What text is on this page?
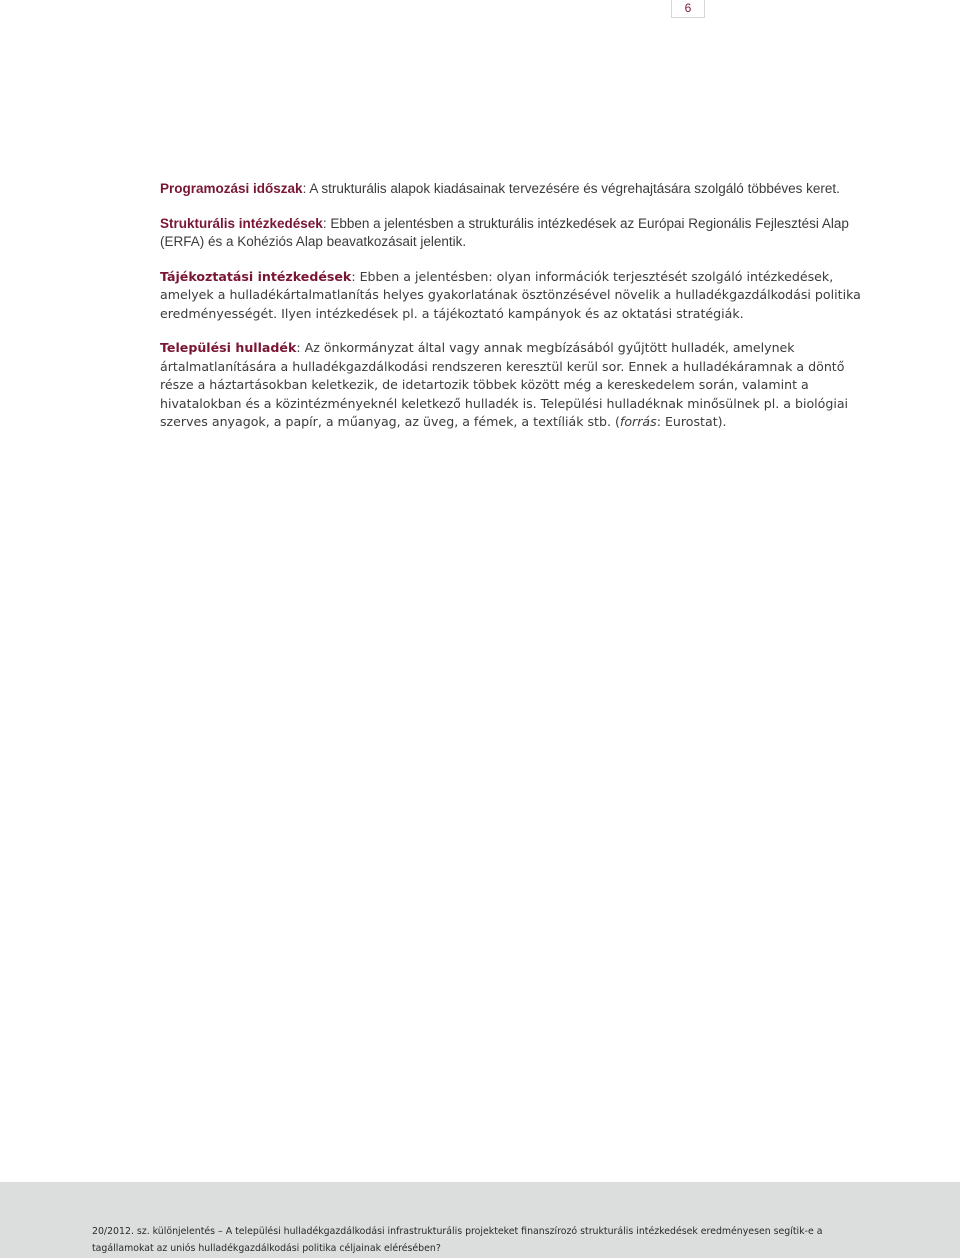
6

Programozási időszak: A strukturális alapok kiadásainak tervezésére és végrehajtására szolgáló többéves keret.

Strukturális intézkedések: Ebben a jelentésben a strukturális intézkedések az Európai Regionális Fejlesztési Alap (ERFA) és a Kohéziós Alap beavatkozásait jelentik.

Tájékoztatási intézkedések: Ebben a jelentésben: olyan információk terjesztését szolgáló intézkedések, amelyek a hulladékártalmatlanítás helyes gyakorlatának ösztönzésével növelik a hulladékgazdálkodási politika eredményességét. Ilyen intézkedések pl. a tájékoztató kampányok és az oktatási stratégiák.

Települési hulladék: Az önkormányzat által vagy annak megbízásából gyűjtött hulladék, amelynek ártalmatlanítására a hulladékgazdálkodási rendszeren keresztül kerül sor. Ennek a hulladékáramnak a döntő része a háztartásokban keletkezik, de idetartozik többek között még a kereskedelem során, valamint a hivatalokban és a közintézményeknél keletkező hulladék is. Települési hulladéknak minősülnek pl. a biológiai szerves anyagok, a papír, a műanyag, az üveg, a fémek, a textíliák stb. (forrás: Eurostat).

20/2012. sz. különjelentés – A települési hulladékgazdálkodási infrastrukturális projekteket finanszírozó strukturális intézkedések eredményesen segítik-e a tagállamokat az uniós hulladékgazdálkodási politika céljainak elérésében?
